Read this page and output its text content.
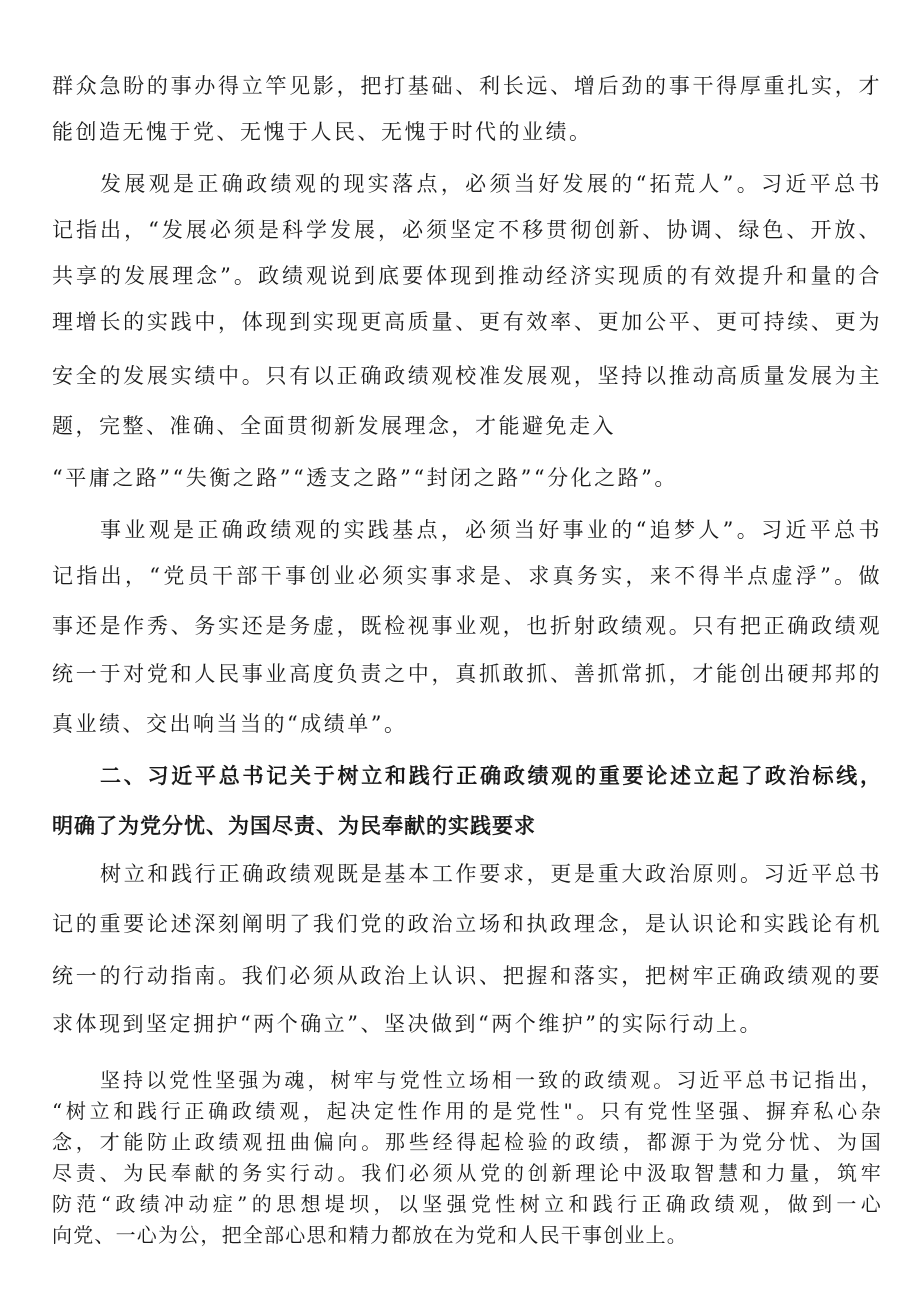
群众急盼的事办得立竿见影，把打基础、利长远、增后劲的事干得厚重扎实，才
能创造无愧于党、无愧于人民、无愧于时代的业绩。
发展观是正确政绩观的现实落点，必须当好发展的“拓荒人”。习近平总书
记指出，“发展必须是科学发展，必须坚定不移贯彻创新、协调、绿色、开放、
共享的发展理念”。政绩观说到底要体现到推动经济实现质的有效提升和量的合
理增长的实践中，体现到实现更高质量、更有效率、更加公平、更可持续、更为
安全的发展实绩中。只有以正确政绩观校准发展观，坚持以推动高质量发展为主
题，完整、准确、全面贯彻新发展理念，才能避免走入
“平庸之路”“失衡之路”“透支之路”“封闭之路”“分化之路”。
事业观是正确政绩观的实践基点，必须当好事业的“追梦人”。习近平总书
记指出，“党员干部干事创业必须实事求是、求真务实，来不得半点虚浮”。做
事还是作秀、务实还是务虚，既检视事业观，也折射政绩观。只有把正确政绩观
统一于对党和人民事业高度负责之中，真抓敢抓、善抓常抓，才能创出硬邦邦的
真业绩、交出响当当的“成绩单”。
二、习近平总书记关于树立和践行正确政绩观的重要论述立起了政治标线，
明确了为党分忧、为国尽责、为民奉献的实践要求
树立和践行正确政绩观既是基本工作要求，更是重大政治原则。习近平总书
记的重要论述深刻阐明了我们党的政治立场和执政理念，是认识论和实践论有机
统一的行动指南。我们必须从政治上认识、把握和落实，把树牢正确政绩观的要
求体现到坚定拥护“两个确立”、坚决做到“两个维护”的实际行动上。
坚持以党性坚强为魂，树牢与党性立场相一致的政绩观。习近平总书记指出，
“树立和践行正确政绩观，起决定性作用的是党性"。只有党性坚强、摒弃私心杂
念，才能防止政绩观扭曲偏向。那些经得起检验的政绩，都源于为党分忧、为国
尽责、为民奉献的务实行动。我们必须从党的创新理论中汲取智慧和力量，筑牢
防范“政绩冲动症”的思想堤坝，以坚强党性树立和践行正确政绩观，做到一心
向党、一心为公，把全部心思和精力都放在为党和人民干事创业上。
